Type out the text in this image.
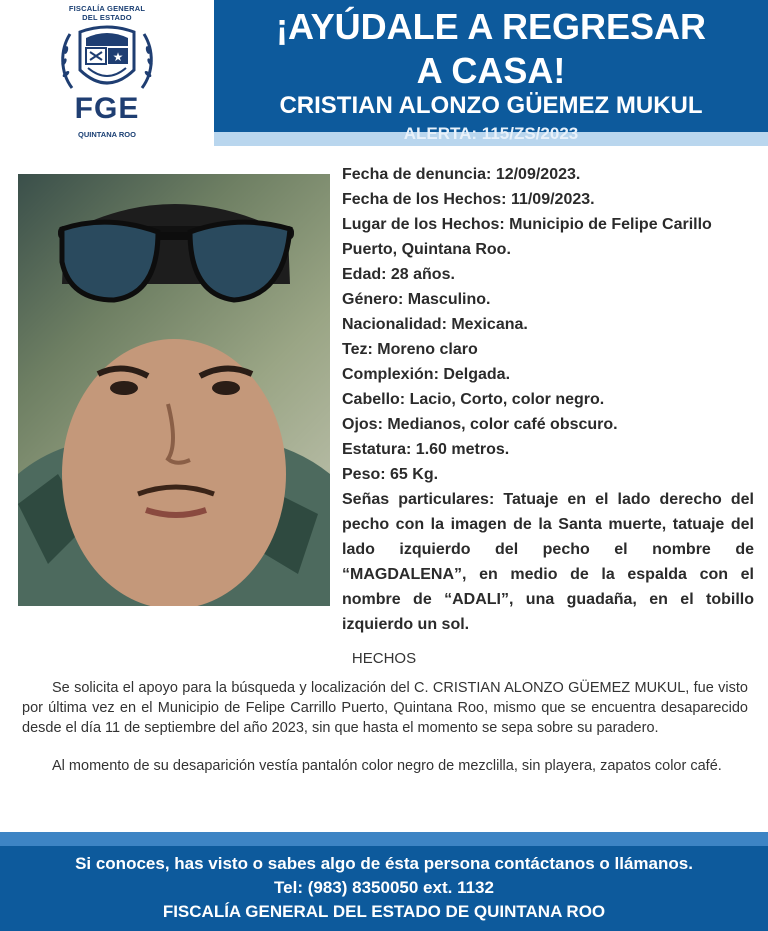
FISCALÍA GENERAL
DEL ESTADO
★
FGE
QUINTANA ROO
¡AYÚDALE A REGRESAR
A CASA!
CRISTIAN ALONZO GÜEMEZ MUKUL
ALERTA: 115/ZS/2023
Fecha de denuncia: 12/09/2023.
Fecha de los Hechos: 11/09/2023.
Lugar de los Hechos: Municipio de Felipe Carillo
Puerto, Quintana Roo.
Edad: 28 años.
Género: Masculino.
Nacionalidad: Mexicana.
Tez: Moreno claro
Complexión: Delgada.
Cabello: Lacio, Corto, color negro.
Ojos: Medianos, color café obscuro.
Estatura: 1.60 metros.
Peso: 65 Kg.
Señas particulares: Tatuaje en el lado derecho del pecho con la imagen de la Santa muerte, tatuaje del lado izquierdo del pecho el nombre de “MAGDALENA”, en medio de la espalda con el nombre de “ADALI”, una guadaña, en el tobillo izquierdo un sol.
HECHOS

Se solicita el apoyo para la búsqueda y localización del C. CRISTIAN ALONZO GÜEMEZ MUKUL, fue visto por última vez en el Municipio de Felipe Carrillo Puerto, Quintana Roo, mismo que se encuentra desaparecido desde el día 11 de septiembre del año 2023, sin que hasta el momento se sepa sobre su paradero.

Al momento de su desaparición vestía pantalón color negro de mezclilla, sin playera, zapatos color café.

Si conoces, has visto o sabes algo de ésta persona contáctanos o llámanos.
Tel: (983) 8350050 ext. 1132
FISCALÍA GENERAL DEL ESTADO DE QUINTANA ROO
